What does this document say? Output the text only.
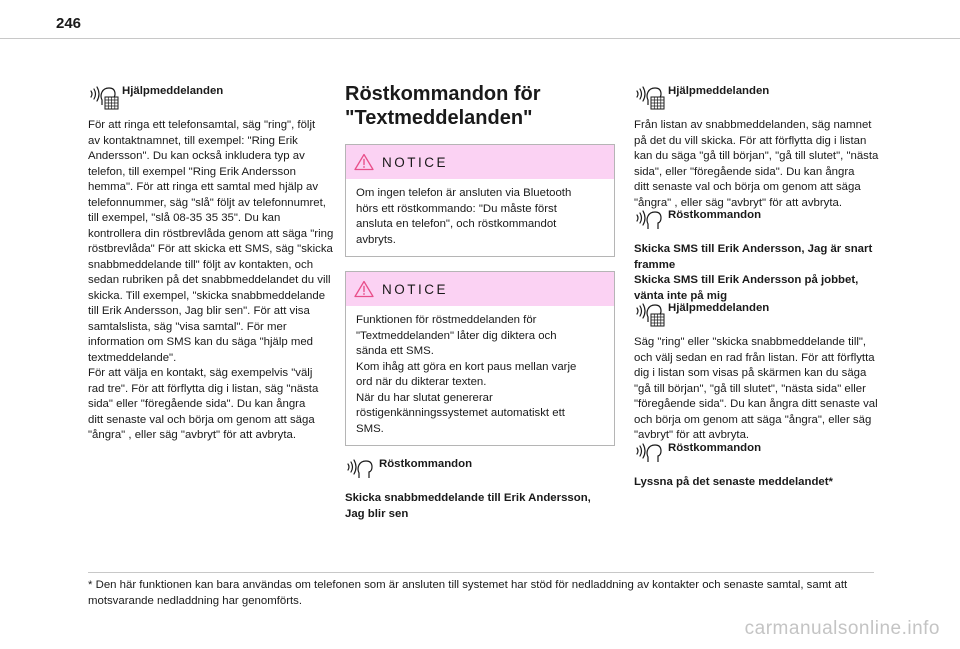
246
Hjälpmeddelanden

För att ringa ett telefonsamtal, säg "ring", följt

av kontaktnamnet, till exempel: "Ring Erik

Andersson". Du kan också inkludera typ av

telefon, till exempel "Ring Erik Andersson

hemma". För att ringa ett samtal med hjälp av

telefonnummer, säg "slå" följt av telefonnumret,

till exempel, "slå 08-35 35 35". Du kan

kontrollera din röstbrevlåda genom att säga "ring

röstbrevlåda" För att skicka ett SMS, säg "skicka

snabbmeddelande till" följt av kontakten, och

sedan rubriken på det snabbmeddelandet du vill

skicka. Till exempel, "skicka snabbmeddelande

till Erik Andersson, Jag blir sen". För att visa

samtalslista, säg "visa samtal". För mer

information om SMS kan du säga "hjälp med

textmeddelande".

För att välja en kontakt, säg exempelvis "välj

rad tre". För att förflytta dig i listan, säg "nästa

sida" eller "föregående sida". Du kan ångra

ditt senaste val och börja om genom att säga

"ångra" , eller säg "avbryt" för att avbryta.

Röstkommandon för
"Textmeddelanden"
NOTICE
Om ingen telefon är ansluten via Bluetooth
hörs ett röstkommando: "Du måste först
ansluta en telefon", och röstkommandot
avbryts.
NOTICE
Funktionen för röstmeddelanden för
"Textmeddelanden" låter dig diktera och
sända ett SMS.
Kom ihåg att göra en kort paus mellan varje
ord när du dikterar texten.
När du har slutat genererar
röstigenkänningssystemet automatiskt ett
SMS.
Röstkommandon

Skicka snabbmeddelande till Erik Andersson,

Jag blir sen

Hjälpmeddelanden

Från listan av snabbmeddelanden, säg namnet

på det du vill skicka. För att förflytta dig i listan

kan du säga "gå till början", "gå till slutet", "nästa

sida", eller "föregående sida". Du kan ångra

ditt senaste val och börja om genom att säga

"ångra" , eller säg "avbryt" för att avbryta.

Röstkommandon

Skicka SMS till Erik Andersson, Jag är snart

framme

Skicka SMS till Erik Andersson på jobbet,

vänta inte på mig

Hjälpmeddelanden

Säg "ring" eller "skicka snabbmeddelande till",

och välj sedan en rad från listan. För att förflytta

dig i listan som visas på skärmen kan du säga

"gå till början", "gå till slutet", "nästa sida" eller

"föregående sida". Du kan ångra ditt senaste val

och börja om genom att säga "ångra", eller säg

"avbryt" för att avbryta.

Röstkommandon

Lyssna på det senaste meddelandet*

* Den här funktionen kan bara användas om telefonen som är ansluten till systemet har stöd för nedladdning av kontakter och senaste samtal, samt att
motsvarande nedladdning har genomförts.
carmanualsonline.info
